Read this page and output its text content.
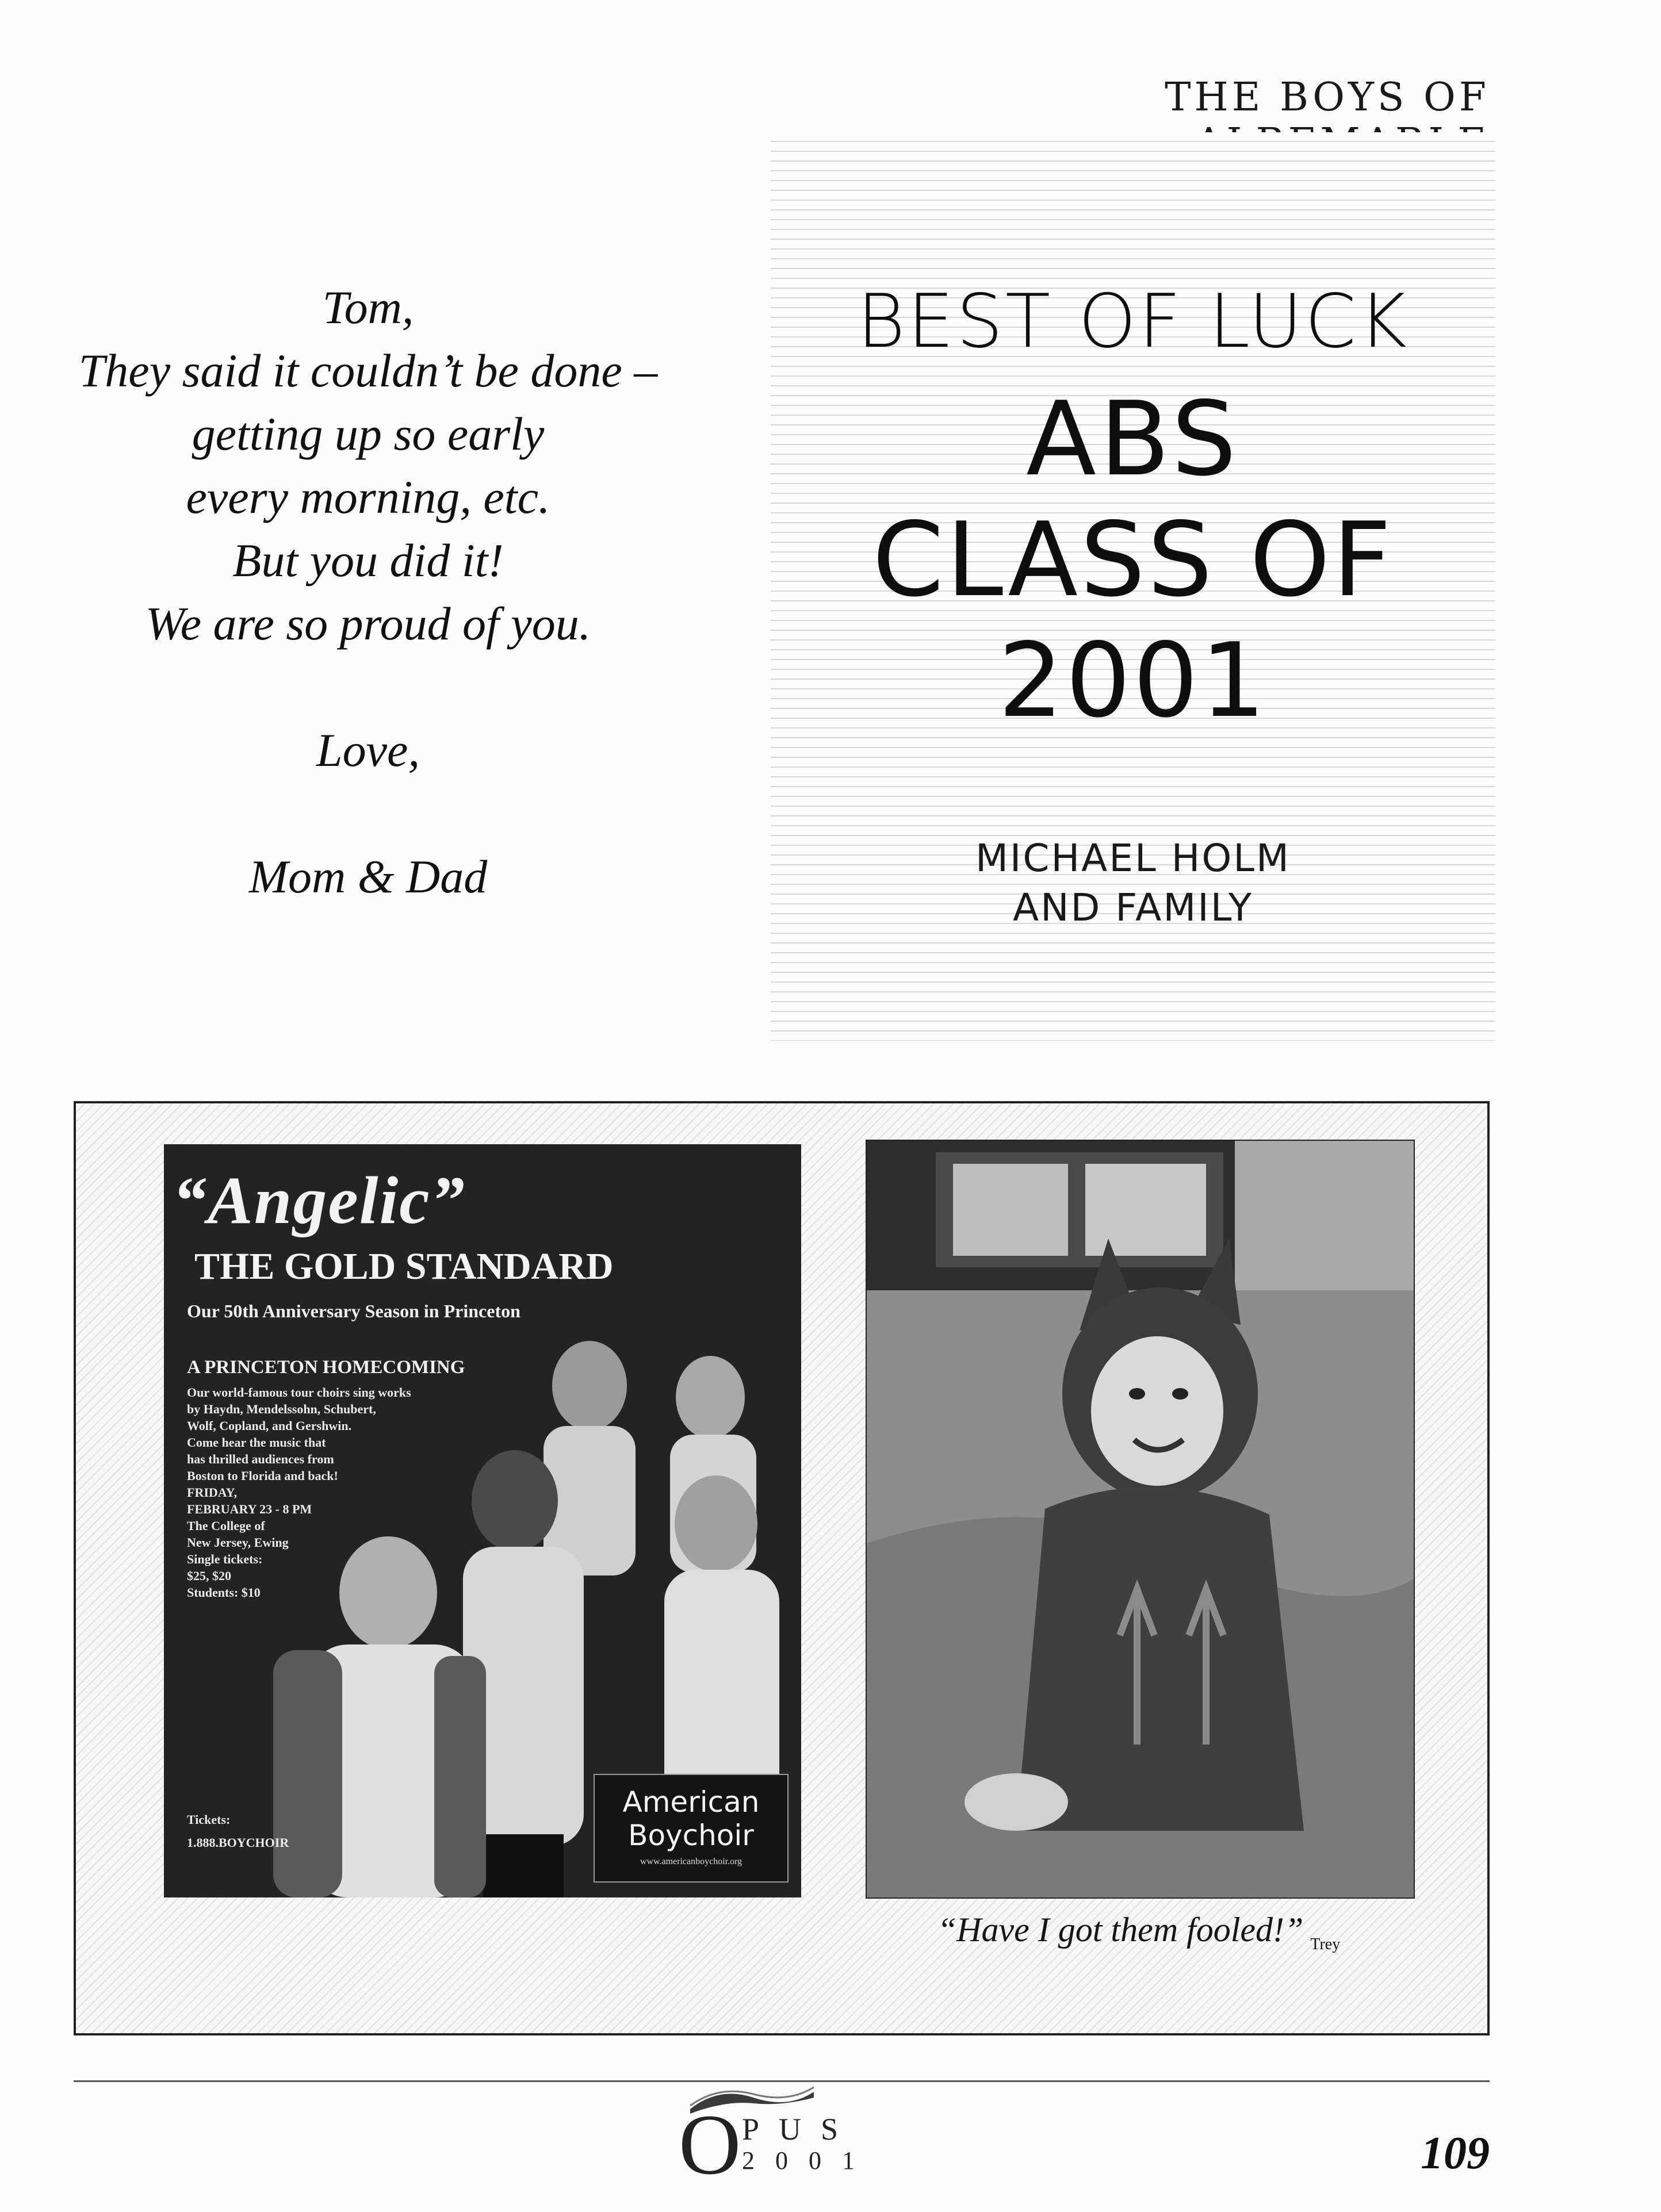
THE BOYS OF
Tom,
They said it couldn’t be done –
getting up so early
every morning, etc.
But you did it!
We are so proud of you.
Love,
Mom & Dad
BEST OF LUCK
ABS
CLASS OF
2001
MICHAEL HOLM
AND FAMILY
“Angelic”
THE GOLD STANDARD
Our 50th Anniversary Season in Princeton
A PRINCETON HOMECOMING
Our world-famous tour choirs sing works
by Haydn, Mendelssohn, Schubert,
Wolf, Copland, and Gershwin.
Come hear the music that
has thrilled audiences from
Boston to Florida and back!
FRIDAY,
FEBRUARY 23 - 8 PM
The College of
New Jersey, Ewing
Single tickets:
$25, $20
Students: $10
Tickets:
1.888.BOYCHOIR
American
Boychoir
www.americanboychoir.org
“Have I got them fooled!” $_{Trey}$
O PUS
2001	109
